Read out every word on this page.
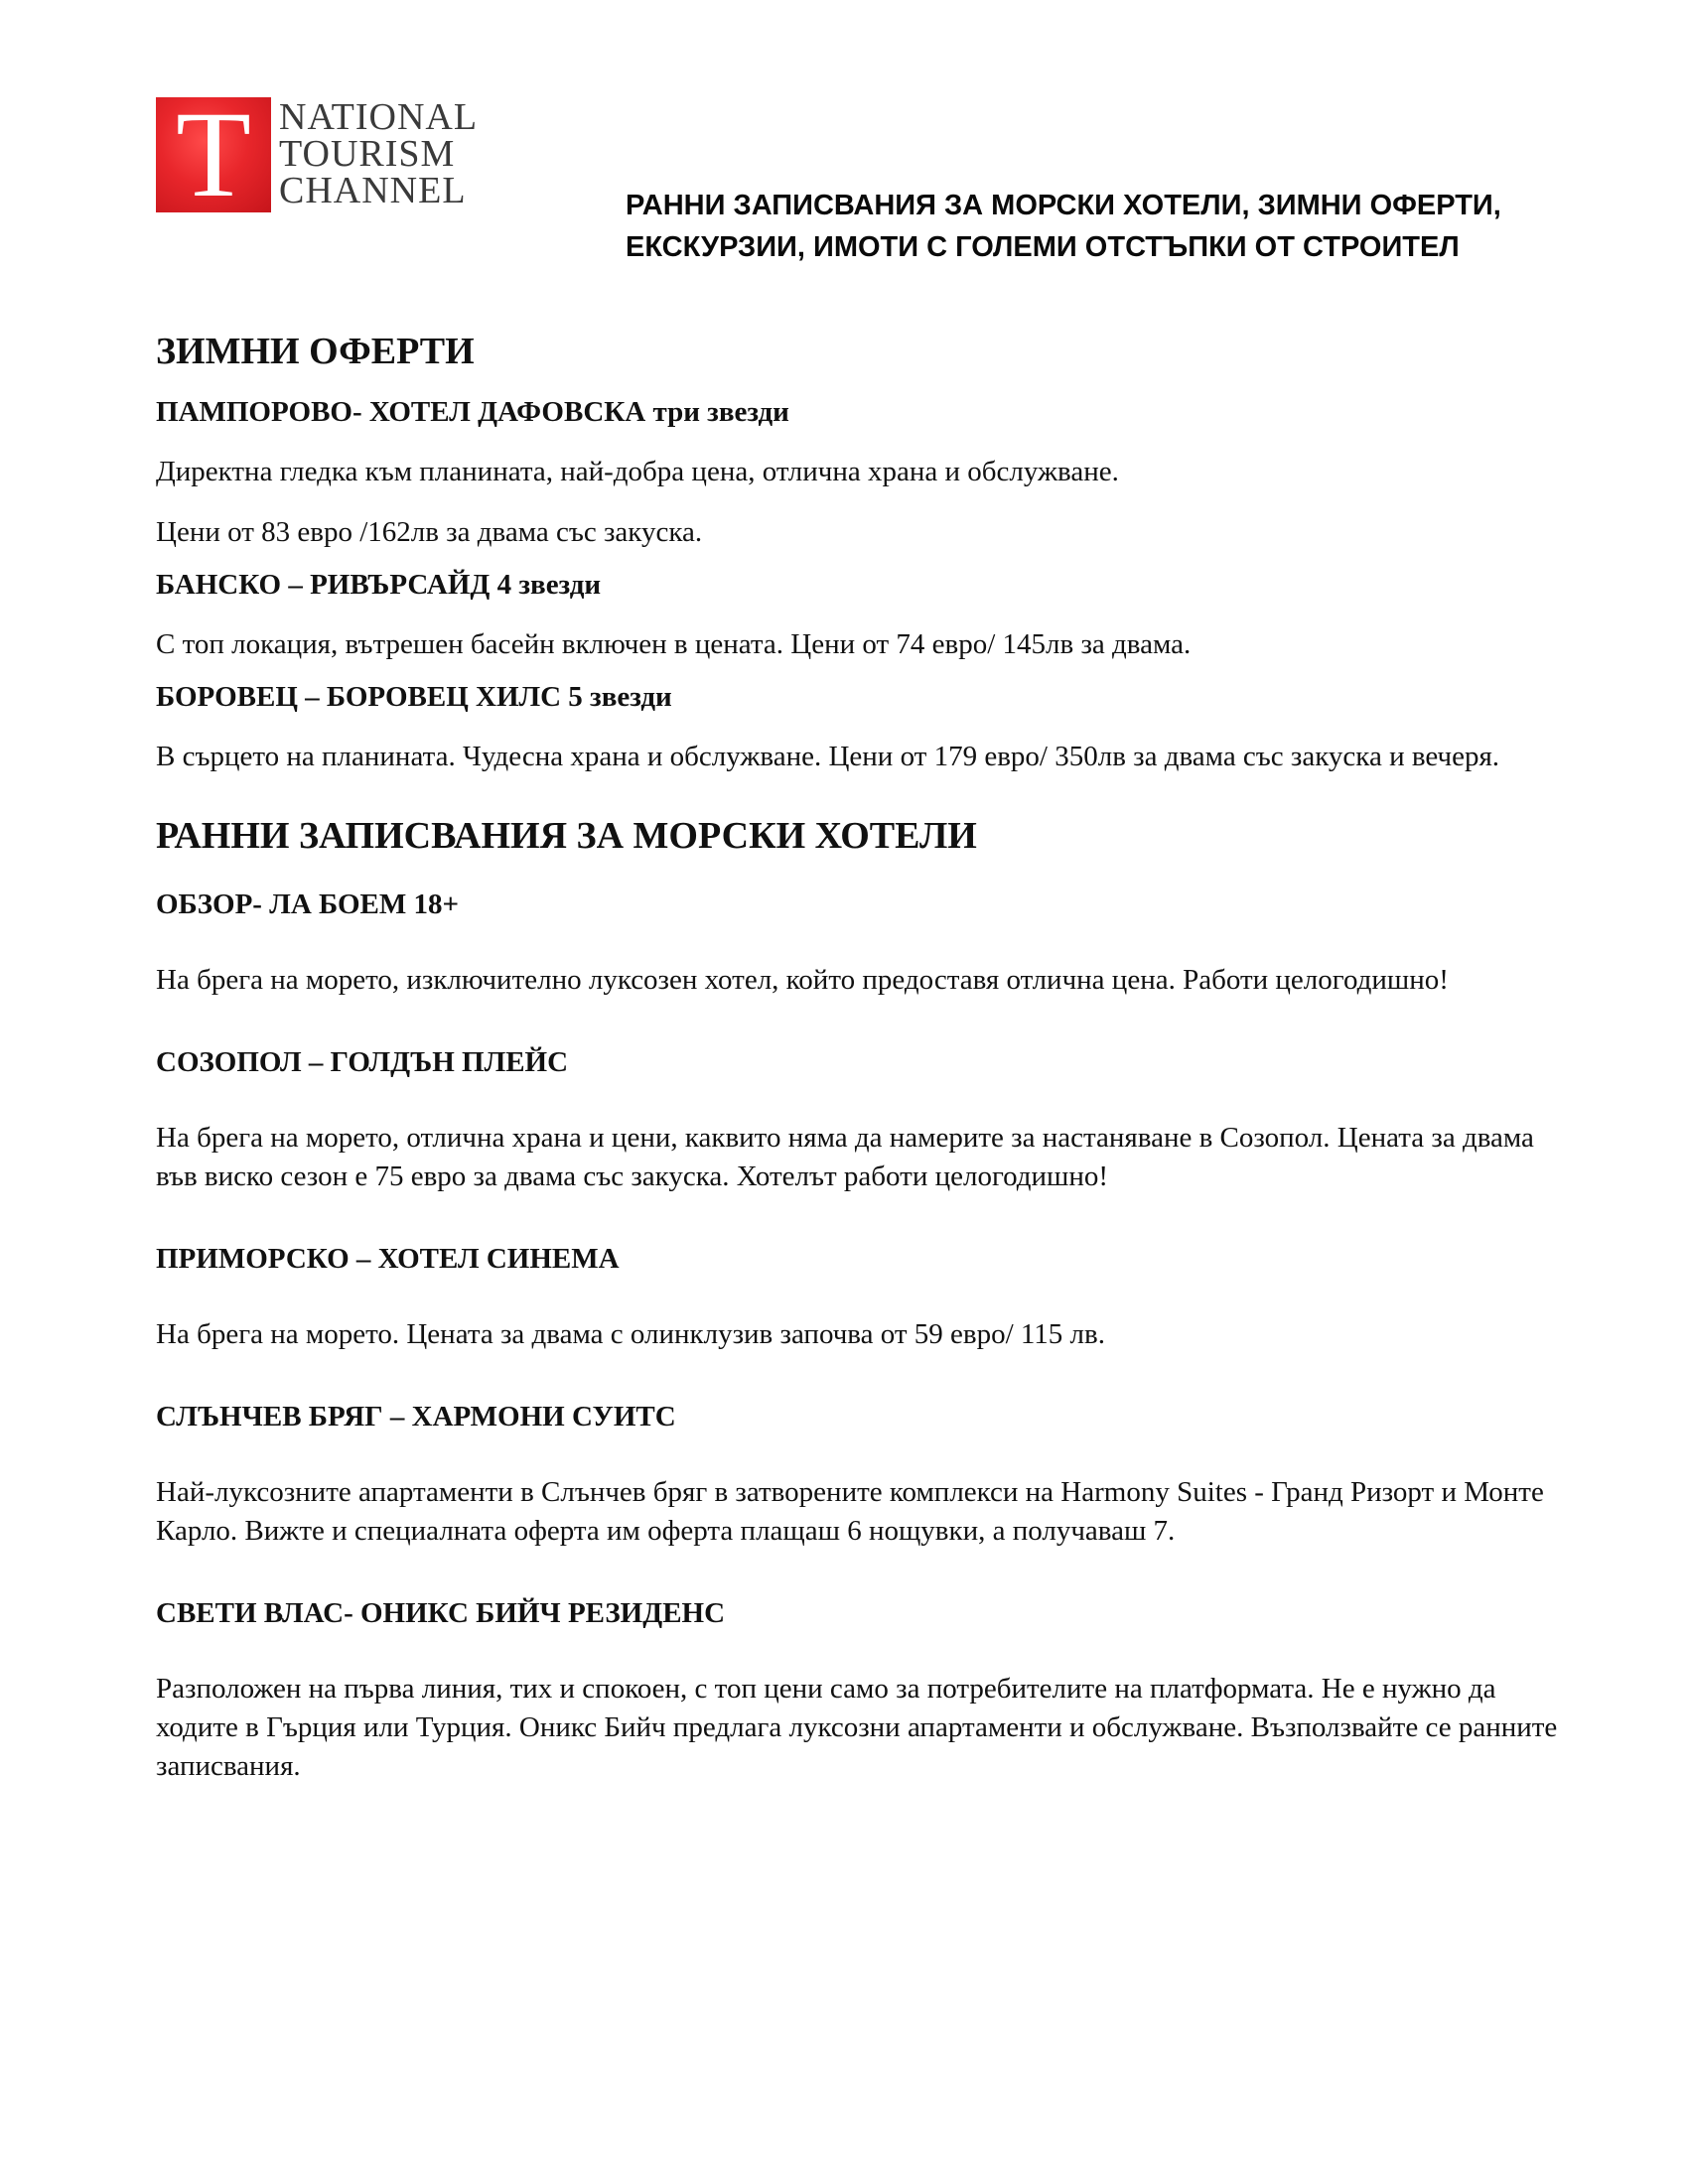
T NATIONAL
TOURISM
CHANNEL	РАННИ ЗАПИСВАНИЯ ЗА МОРСКИ ХОТЕЛИ, ЗИМНИ ОФЕРТИ,
ЕКСКУРЗИИ, ИМОТИ С ГОЛЕМИ ОТСТЪПКИ ОТ СТРОИТЕЛ
ЗИМНИ ОФЕРТИ
ПАМПОРОВО- ХОТЕЛ ДАФОВСКА три звезди
Директна гледка към планината, най-добра цена, отлична храна и обслужване.
Цени от 83 евро /162лв за двама със закуска.
БАНСКО – РИВЪРСАЙД 4 звезди
С топ локация, вътрешен басейн включен в цената. Цени от 74 евро/ 145лв за двама.
БОРОВЕЦ – БОРОВЕЦ ХИЛС 5 звезди
В сърцето на планината. Чудесна храна и обслужване. Цени от 179 евро/ 350лв за двама със закуска и вечеря.
РАННИ ЗАПИСВАНИЯ ЗА МОРСКИ ХОТЕЛИ
ОБЗОР- ЛА БОЕМ 18+
На брега на морето, изключително луксозен хотел, който предоставя отлична цена. Работи целогодишно!
СОЗОПОЛ – ГОЛДЪН ПЛЕЙС
На брега на морето, отлична храна и цени, каквито няма да намерите за настаняване в Созопол. Цената за двама във виско сезон е 75 евро за двама със закуска. Хотелът работи целогодишно!
ПРИМОРСКО – ХОТЕЛ СИНЕМА
На брега на морето. Цената за двама с олинклузив започва от 59 евро/ 115 лв.
СЛЪНЧЕВ БРЯГ – ХАРМОНИ СУИТС
Най-луксозните апартаменти в Слънчев бряг в затворените комплекси на Harmony Suites - Гранд Ризорт и Монте Карло. Вижте и специалната оферта им оферта плащаш 6 нощувки, а получаваш 7.
СВЕТИ ВЛАС- ОНИКС БИЙЧ РЕЗИДЕНС
Разположен на първа линия, тих и спокоен, с топ цени само за потребителите на платформата. Не е нужно да ходите в Гърция или Турция. Оникс Бийч предлага луксозни апартаменти и обслужване. Възползвайте се ранните записвания.
